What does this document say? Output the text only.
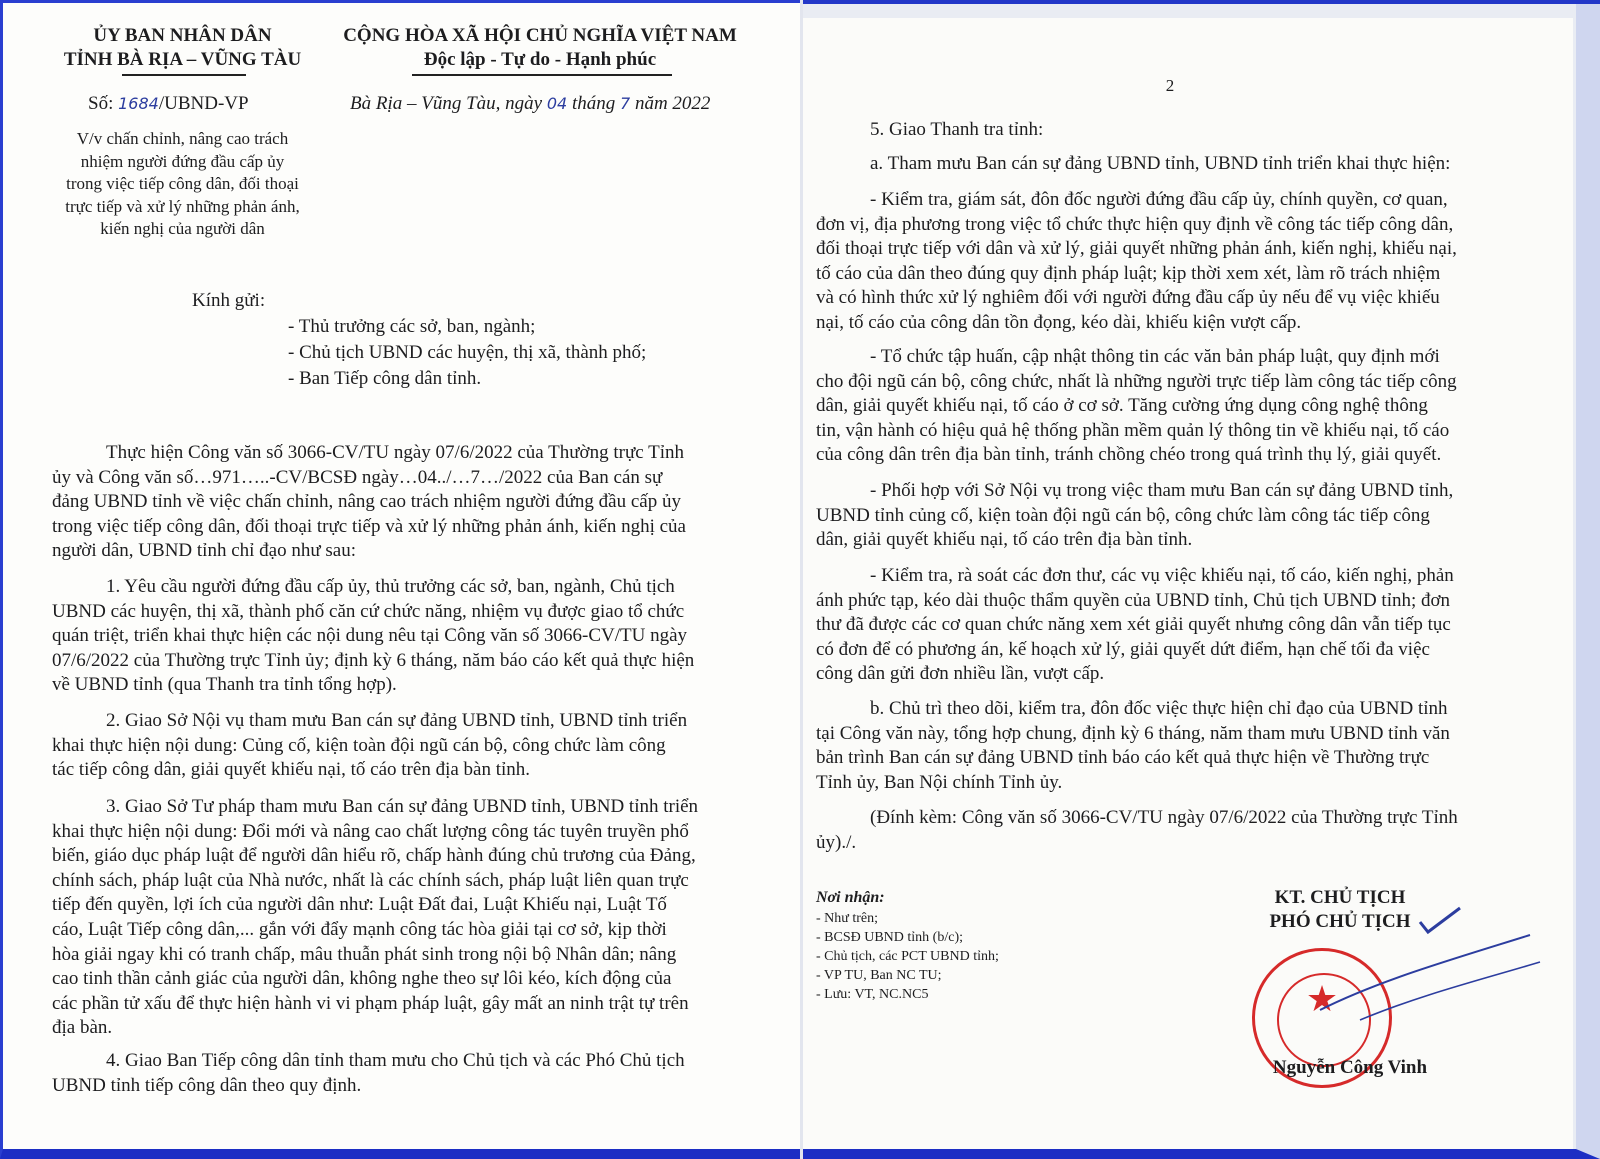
ỦY BAN NHÂN DÂN
TỈNH BÀ RỊA – VŨNG TÀU
CỘNG HÒA XÃ HỘI CHỦ NGHĨA VIỆT NAM
Độc lập - Tự do - Hạnh phúc
Số: 1684/UBND-VP	Bà Rịa – Vũng Tàu, ngày 04 tháng 7 năm 2022
V/v chấn chỉnh, nâng cao trách
nhiệm người đứng đầu cấp ủy
trong việc tiếp công dân, đối thoại
trực tiếp và xử lý những phản ánh,
kiến nghị của người dân
Kính gửi:
- Thủ trưởng các sở, ban, ngành;
- Chủ tịch UBND các huyện, thị xã, thành phố;
- Ban Tiếp công dân tỉnh.
Thực hiện Công văn số 3066-CV/TU ngày 07/6/2022 của Thường trực Tỉnh
ủy và Công văn số…971…..-CV/BCSĐ ngày…04../…7…/2022 của Ban cán sự
đảng UBND tỉnh về việc chấn chỉnh, nâng cao trách nhiệm người đứng đầu cấp ủy
trong việc tiếp công dân, đối thoại trực tiếp và xử lý những phản ánh, kiến nghị của
người dân, UBND tỉnh chỉ đạo như sau:
1. Yêu cầu người đứng đầu cấp ủy, thủ trưởng các sở, ban, ngành, Chủ tịch
UBND các huyện, thị xã, thành phố căn cứ chức năng, nhiệm vụ được giao tổ chức
quán triệt, triển khai thực hiện các nội dung nêu tại Công văn số 3066-CV/TU ngày
07/6/2022 của Thường trực Tỉnh ủy; định kỳ 6 tháng, năm báo cáo kết quả thực hiện
về UBND tỉnh (qua Thanh tra tỉnh tổng hợp).
2. Giao Sở Nội vụ tham mưu Ban cán sự đảng UBND tỉnh, UBND tỉnh triển
khai thực hiện nội dung: Củng cố, kiện toàn đội ngũ cán bộ, công chức làm công
tác tiếp công dân, giải quyết khiếu nại, tố cáo trên địa bàn tỉnh.
3. Giao Sở Tư pháp tham mưu Ban cán sự đảng UBND tỉnh, UBND tỉnh triển
khai thực hiện nội dung: Đổi mới và nâng cao chất lượng công tác tuyên truyền phổ
biến, giáo dục pháp luật để người dân hiểu rõ, chấp hành đúng chủ trương của Đảng,
chính sách, pháp luật của Nhà nước, nhất là các chính sách, pháp luật liên quan trực
tiếp đến quyền, lợi ích của người dân như: Luật Đất đai, Luật Khiếu nại, Luật Tố
cáo, Luật Tiếp công dân,... gắn với đẩy mạnh công tác hòa giải tại cơ sở, kịp thời
hòa giải ngay khi có tranh chấp, mâu thuẫn phát sinh trong nội bộ Nhân dân; nâng
cao tinh thần cảnh giác của người dân, không nghe theo sự lôi kéo, kích động của
các phần tử xấu để thực hiện hành vi vi phạm pháp luật, gây mất an ninh trật tự trên
địa bàn.
4. Giao Ban Tiếp công dân tỉnh tham mưu cho Chủ tịch và các Phó Chủ tịch
UBND tỉnh tiếp công dân theo quy định.
2
5. Giao Thanh tra tỉnh:
a. Tham mưu Ban cán sự đảng UBND tỉnh, UBND tỉnh triển khai thực hiện:
- Kiểm tra, giám sát, đôn đốc người đứng đầu cấp ủy, chính quyền, cơ quan,
đơn vị, địa phương trong việc tổ chức thực hiện quy định về công tác tiếp công dân,
đối thoại trực tiếp với dân và xử lý, giải quyết những phản ánh, kiến nghị, khiếu nại,
tố cáo của dân theo đúng quy định pháp luật; kịp thời xem xét, làm rõ trách nhiệm
và có hình thức xử lý nghiêm đối với người đứng đầu cấp ủy nếu để vụ việc khiếu
nại, tố cáo của công dân tồn đọng, kéo dài, khiếu kiện vượt cấp.
- Tổ chức tập huấn, cập nhật thông tin các văn bản pháp luật, quy định mới
cho đội ngũ cán bộ, công chức, nhất là những người trực tiếp làm công tác tiếp công
dân, giải quyết khiếu nại, tố cáo ở cơ sở. Tăng cường ứng dụng công nghệ thông
tin, vận hành có hiệu quả hệ thống phần mềm quản lý thông tin về khiếu nại, tố cáo
của công dân trên địa bàn tỉnh, tránh chồng chéo trong quá trình thụ lý, giải quyết.
- Phối hợp với Sở Nội vụ trong việc tham mưu Ban cán sự đảng UBND tỉnh,
UBND tỉnh củng cố, kiện toàn đội ngũ cán bộ, công chức làm công tác tiếp công
dân, giải quyết khiếu nại, tố cáo trên địa bàn tỉnh.
- Kiểm tra, rà soát các đơn thư, các vụ việc khiếu nại, tố cáo, kiến nghị, phản
ánh phức tạp, kéo dài thuộc thẩm quyền của UBND tỉnh, Chủ tịch UBND tỉnh; đơn
thư đã được các cơ quan chức năng xem xét giải quyết nhưng công dân vẫn tiếp tục
có đơn để có phương án, kế hoạch xử lý, giải quyết dứt điểm, hạn chế tối đa việc
công dân gửi đơn nhiều lần, vượt cấp.
b. Chủ trì theo dõi, kiểm tra, đôn đốc việc thực hiện chỉ đạo của UBND tỉnh
tại Công văn này, tổng hợp chung, định kỳ 6 tháng, năm tham mưu UBND tỉnh văn
bản trình Ban cán sự đảng UBND tỉnh báo cáo kết quả thực hiện về Thường trực
Tỉnh ủy, Ban Nội chính Tỉnh ủy.
(Đính kèm: Công văn số 3066-CV/TU ngày 07/6/2022 của Thường trực Tỉnh
ủy)./.
Nơi nhận:
- Như trên;
- BCSĐ UBND tỉnh (b/c);
- Chủ tịch, các PCT UBND tỉnh;
- VP TU, Ban NC TU;
- Lưu: VT, NC.NC5
KT. CHỦ TỊCH
PHÓ CHỦ TỊCH
★
Nguyễn Công Vinh
